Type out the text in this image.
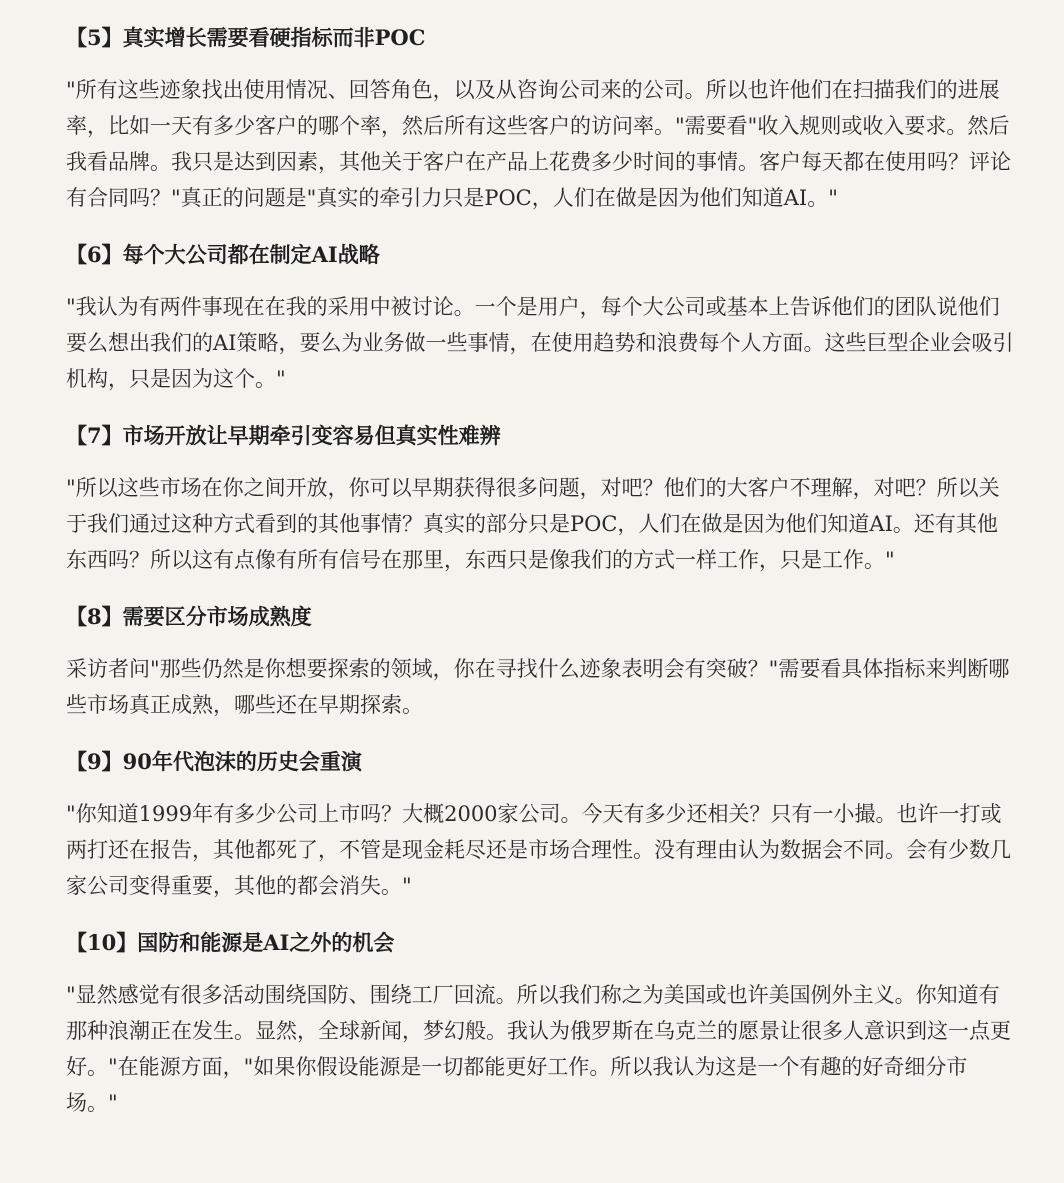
【5】真实增长需要看硬指标而非POC

"所有这些迹象找出使用情况、回答角色，以及从咨询公司来的公司。所以也许他们在扫描我们的进展率，比如一天有多少客户的哪个率，然后所有这些客户的访问率。"需要看"收入规则或收入要求。然后我看品牌。我只是达到因素，其他关于客户在产品上花费多少时间的事情。客户每天都在使用吗？评论有合同吗？"真正的问题是"真实的牵引力只是POC，人们在做是因为他们知道AI。"

【6】每个大公司都在制定AI战略

"我认为有两件事现在在我的采用中被讨论。一个是用户，每个大公司或基本上告诉他们的团队说他们要么想出我们的AI策略，要么为业务做一些事情，在使用趋势和浪费每个人方面。这些巨型企业会吸引机构，只是因为这个。"

【7】市场开放让早期牵引变容易但真实性难辨

"所以这些市场在你之间开放，你可以早期获得很多问题，对吧？他们的大客户不理解，对吧？所以关于我们通过这种方式看到的其他事情？真实的部分只是POC，人们在做是因为他们知道AI。还有其他东西吗？所以这有点像有所有信号在那里，东西只是像我们的方式一样工作，只是工作。"

【8】需要区分市场成熟度

采访者问"那些仍然是你想要探索的领域，你在寻找什么迹象表明会有突破？"需要看具体指标来判断哪些市场真正成熟，哪些还在早期探索。

【9】90年代泡沫的历史会重演

"你知道1999年有多少公司上市吗？大概2000家公司。今天有多少还相关？只有一小撮。也许一打或两打还在报告，其他都死了，不管是现金耗尽还是市场合理性。没有理由认为数据会不同。会有少数几家公司变得重要，其他的都会消失。"

【10】国防和能源是AI之外的机会

"显然感觉有很多活动围绕国防、围绕工厂回流。所以我们称之为美国或也许美国例外主义。你知道有那种浪潮正在发生。显然，全球新闻，梦幻般。我认为俄罗斯在乌克兰的愿景让很多人意识到这一点更好。"在能源方面，"如果你假设能源是一切都能更好工作。所以我认为这是一个有趣的好奇细分市场。"
